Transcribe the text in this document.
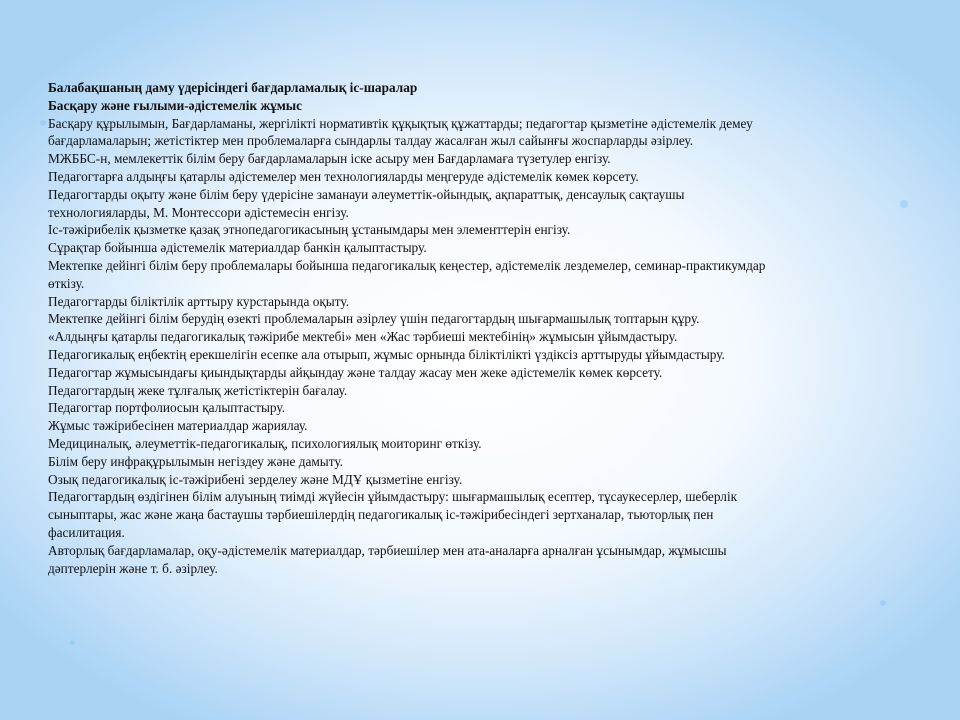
Балабақшаның даму үдерісіндегі бағдарламалық іс-шаралар

Басқару және ғылыми-әдістемелік жұмыс

Басқару құрылымын, Бағдарламаны, жергілікті нормативтік құқықтық құжаттарды; педагогтар қызметіне әдістемелік демеу

бағдарламаларын; жетістіктер мен проблемаларға сындарлы талдау жасалған жыл сайынғы жоспарларды әзірлеу.

МЖББС-н, мемлекеттік білім беру бағдарламаларын іске асыру мен Бағдарламаға түзетулер енгізу.

Педагогтарға алдыңғы қатарлы әдістемелер мен технологияларды меңгеруде әдістемелік көмек көрсету.

Педагогтарды оқыту және білім беру үдерісіне заманауи әлеуметтік-ойындық, ақпараттық, денсаулық сақтаушы

технологияларды, М. Монтессори әдістемесін енгізу.

Іс-тәжірибелік қызметке қазақ этнопедагогикасының ұстанымдары мен элементтерін енгізу.

Сұрақтар бойынша әдістемелік материалдар банкін қалыптастыру.

Мектепке дейінгі білім беру проблемалары бойынша педагогикалық кеңестер, әдістемелік лездемелер, семинар-практикумдар

өткізу.

Педагогтарды біліктілік арттыру курстарында оқыту.

Мектепке дейінгі білім берудің өзекті проблемаларын әзірлеу үшін педагогтардың шығармашылық топтарын құру.

«Алдыңғы қатарлы педагогикалық тәжірибе мектебі» мен «Жас тәрбиеші мектебінің» жұмысын ұйымдастыру.

Педагогикалық еңбектің ерекшелігін есепке ала отырып, жұмыс орнында біліктілікті үздіксіз арттыруды ұйымдастыру.

Педагогтар жұмысындағы қиындықтарды айқындау және талдау жасау мен жеке әдістемелік көмек көрсету.

Педагогтардың жеке тұлғалық жетістіктерін бағалау.

Педагогтар портфолиосын қалыптастыру.

Жұмыс тәжірибесінен материалдар жариялау.

Медициналық, әлеуметтік-педагогикалық, психологиялық моиторинг өткізу.

Білім беру инфрақұрылымын негіздеу және дамыту.

Озық педагогикалық іс-тәжірибені зерделеу және МДҰ қызметіне енгізу.

Педагогтардың өздігінен білім алуының тиімді жүйесін ұйымдастыру: шығармашылық есептер, тұсаукесерлер, шеберлік

сыныптары, жас және жаңа бастаушы тәрбиешілердің педагогикалық іс-тәжірибесіндегі зертханалар, тьюторлық пен

фасилитация.

Авторлық бағдарламалар, оқу-әдістемелік материалдар, тәрбиешілер мен ата-аналарға арналған ұсынымдар, жұмысшы

дәптерлерін және т. б. әзірлеу.
